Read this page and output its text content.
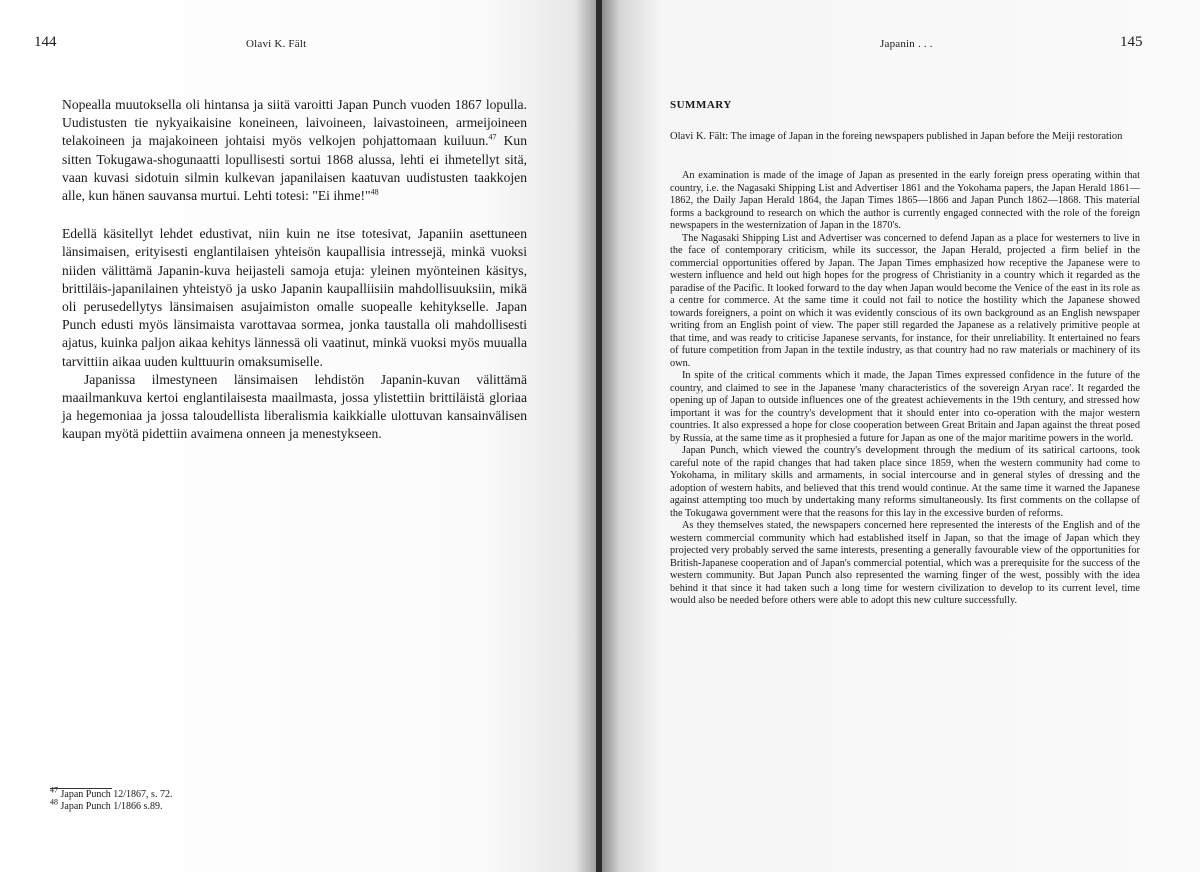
144	Olavi K. Fält

Nopealla muutoksella oli hintansa ja siitä varoitti Japan Punch vuoden 1867 lopulla. Uudistusten tie nykyaikaisine koneineen, laivoineen, laivastoineen, armeijoineen telakoineen ja majakoineen johtaisi myös velkojen pohjattomaan kuiluun.$^{47}$ Kun sitten Tokugawa-shogunaatti lopullisesti sortui 1868 alussa, lehti ei ihmetellyt sitä, vaan kuvasi sidotuin silmin kulkevan japanilaisen kaatuvan uudistusten taakkojen alle, kun hänen sauvansa murtui. Lehti totesi: "Ei ihme!"$^{48}$

Edellä käsitellyt lehdet edustivat, niin kuin ne itse totesivat, Japaniin asettuneen länsimaisen, erityisesti englantilaisen yhteisön kaupallisia intressejä, minkä vuoksi niiden välittämä Japanin-kuva heijasteli samoja etuja: yleinen myönteinen käsitys, brittiläis-japanilainen yhteistyö ja usko Japanin kaupalliisiin mahdollisuuksiin, mikä oli perusedellytys länsimaisen asujaimiston omalle suopealle kehitykselle. Japan Punch edusti myös länsimaista varottavaa sormea, jonka taustalla oli mahdollisesti ajatus, kuinka paljon aikaa kehitys lännessä oli vaatinut, minkä vuoksi myös muualla tarvittiin aikaa uuden kulttuurin omaksumiselle.

Japanissa ilmestyneen länsimaisen lehdistön Japanin-kuvan välittämä maailmankuva kertoi englantilaisesta maailmasta, jossa ylistettiin brittiläistä gloriaa ja hegemoniaa ja jossa taloudellista liberalismia kaikkialle ulottuvan kansainvälisen kaupan myötä pidettiin avaimena onneen ja menestykseen.

$^{47}$ Japan Punch 12/1867, s. 72.
$^{48}$ Japan Punch 1/1866 s.89.
Japanin . . .	145
SUMMARY
Olavi K. Fält: The image of Japan in the foreing newspapers published in Japan before the Meiji restoration

An examination is made of the image of Japan as presented in the early foreign press operating within that country, i.e. the Nagasaki Shipping List and Advertiser 1861 and the Yokohama papers, the Japan Herald 1861—1862, the Daily Japan Herald 1864, the Japan Times 1865—1866 and Japan Punch 1862—1868. This material forms a background to research on which the author is currently engaged connected with the role of the foreign newspapers in the westernization of Japan in the 1870's.

The Nagasaki Shipping List and Advertiser was concerned to defend Japan as a place for westerners to live in the face of contemporary criticism, while its successor, the Japan Herald, projected a firm belief in the commercial opportunities offered by Japan. The Japan Times emphasized how receptive the Japanese were to western influence and held out high hopes for the progress of Christianity in a country which it regarded as the paradise of the Pacific. It looked forward to the day when Japan would become the Venice of the east in its role as a centre for commerce. At the same time it could not fail to notice the hostility which the Japanese showed towards foreigners, a point on which it was evidently conscious of its own background as an English newspaper writing from an English point of view. The paper still regarded the Japanese as a relatively primitive people at that time, and was ready to criticise Japanese servants, for instance, for their unreliability. It entertained no fears of future competition from Japan in the textile industry, as that country had no raw materials or machinery of its own.

In spite of the critical comments which it made, the Japan Times expressed confidence in the future of the country, and claimed to see in the Japanese 'many characteristics of the sovereign Aryan race'. It regarded the opening up of Japan to outside influences one of the greatest achievements in the 19th century, and stressed how important it was for the country's development that it should enter into co-operation with the major western countries. It also expressed a hope for close cooperation between Great Britain and Japan against the threat posed by Russia, at the same time as it prophesied a future for Japan as one of the major maritime powers in the world.

Japan Punch, which viewed the country's development through the medium of its satirical cartoons, took careful note of the rapid changes that had taken place since 1859, when the western community had come to Yokohama, in military skills and armaments, in social intercourse and in general styles of dressing and the adoption of western habits, and believed that this trend would continue. At the same time it warned the Japanese against attempting too much by undertaking many reforms simultaneously. Its first comments on the collapse of the Tokugawa government were that the reasons for this lay in the excessive burden of reforms.

As they themselves stated, the newspapers concerned here represented the interests of the English and of the western commercial community which had established itself in Japan, so that the image of Japan which they projected very probably served the same interests, presenting a generally favourable view of the opportunities for British-Japanese cooperation and of Japan's commercial potential, which was a prerequisite for the success of the western community. But Japan Punch also represented the warning finger of the west, possibly with the idea behind it that since it had taken such a long time for western civilization to develop to its current level, time would also be needed before others were able to adopt this new culture successfully.
